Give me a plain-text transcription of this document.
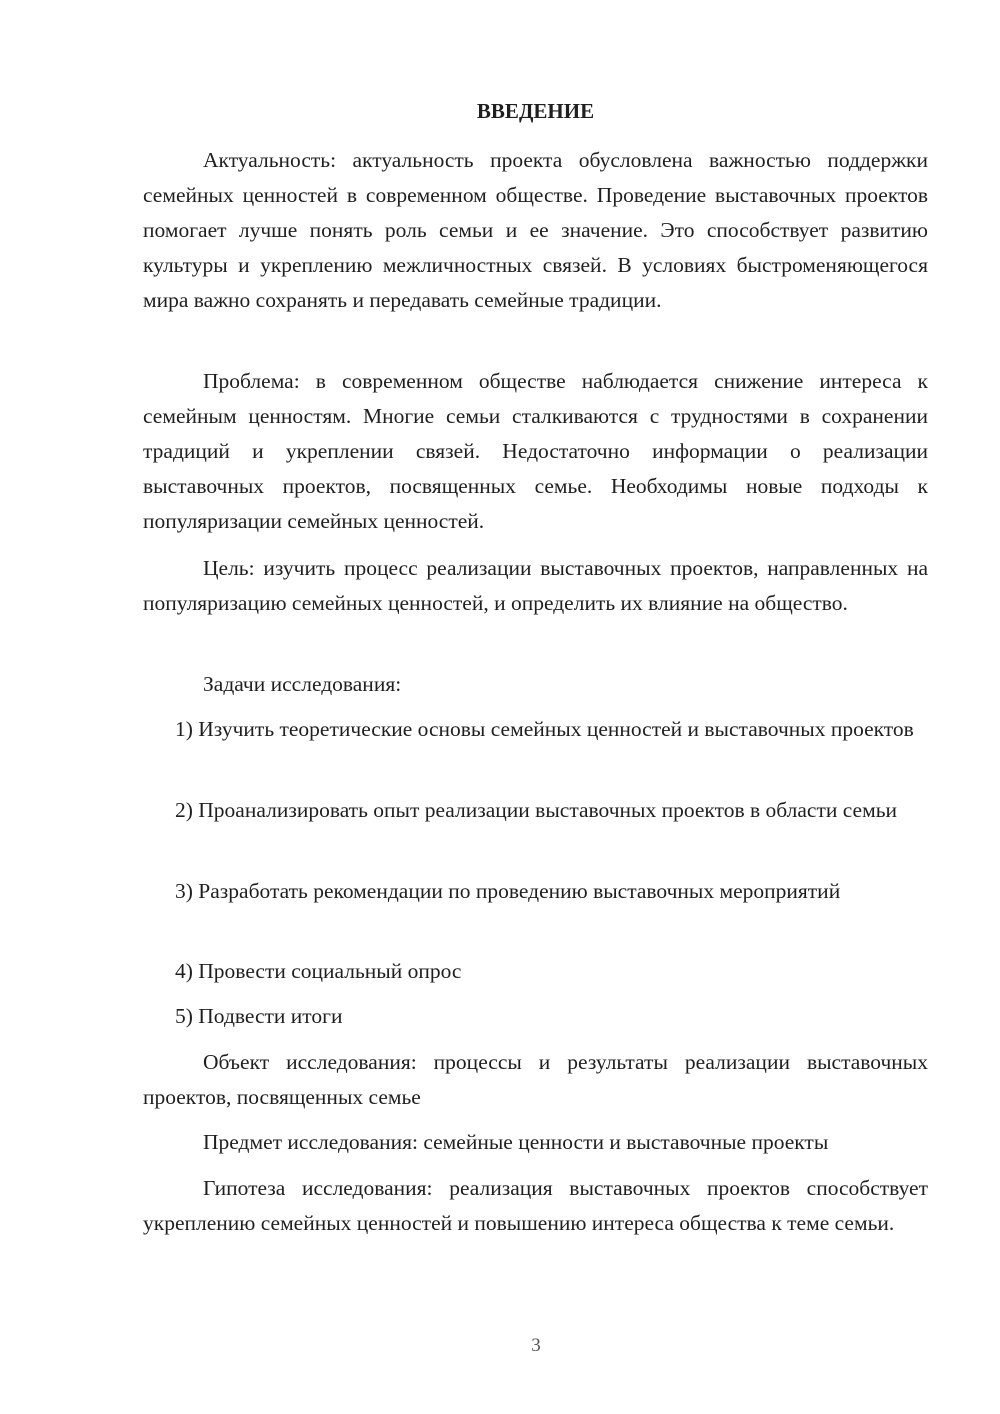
ВВЕДЕНИЕ

Актуальность: актуальность проекта обусловлена важностью поддержки семейных ценностей в современном обществе. Проведение выставочных проектов помогает лучше понять роль семьи и ее значение. Это способствует развитию культуры и укреплению межличностных связей. В условиях быстроменяющегося мира важно сохранять и передавать семейные традиции.

Проблема: в современном обществе наблюдается снижение интереса к семейным ценностям. Многие семьи сталкиваются с трудностями в сохранении традиций и укреплении связей. Недостаточно информации о реализации выставочных проектов, посвященных семье. Необходимы новые подходы к популяризации семейных ценностей.

Цель: изучить процесс реализации выставочных проектов, направленных на популяризацию семейных ценностей, и определить их влияние на общество.

Задачи исследования:

1) Изучить теоретические основы семейных ценностей и выставочных проектов

2) Проанализировать опыт реализации выставочных проектов в области семьи

3) Разработать рекомендации по проведению выставочных мероприятий

4) Провести социальный опрос

5) Подвести итоги

Объект исследования: процессы и результаты реализации выставочных проектов, посвященных семье

Предмет исследования: семейные ценности и выставочные проекты

Гипотеза исследования: реализация выставочных проектов способствует укреплению семейных ценностей и повышению интереса общества к теме семьи.

3
